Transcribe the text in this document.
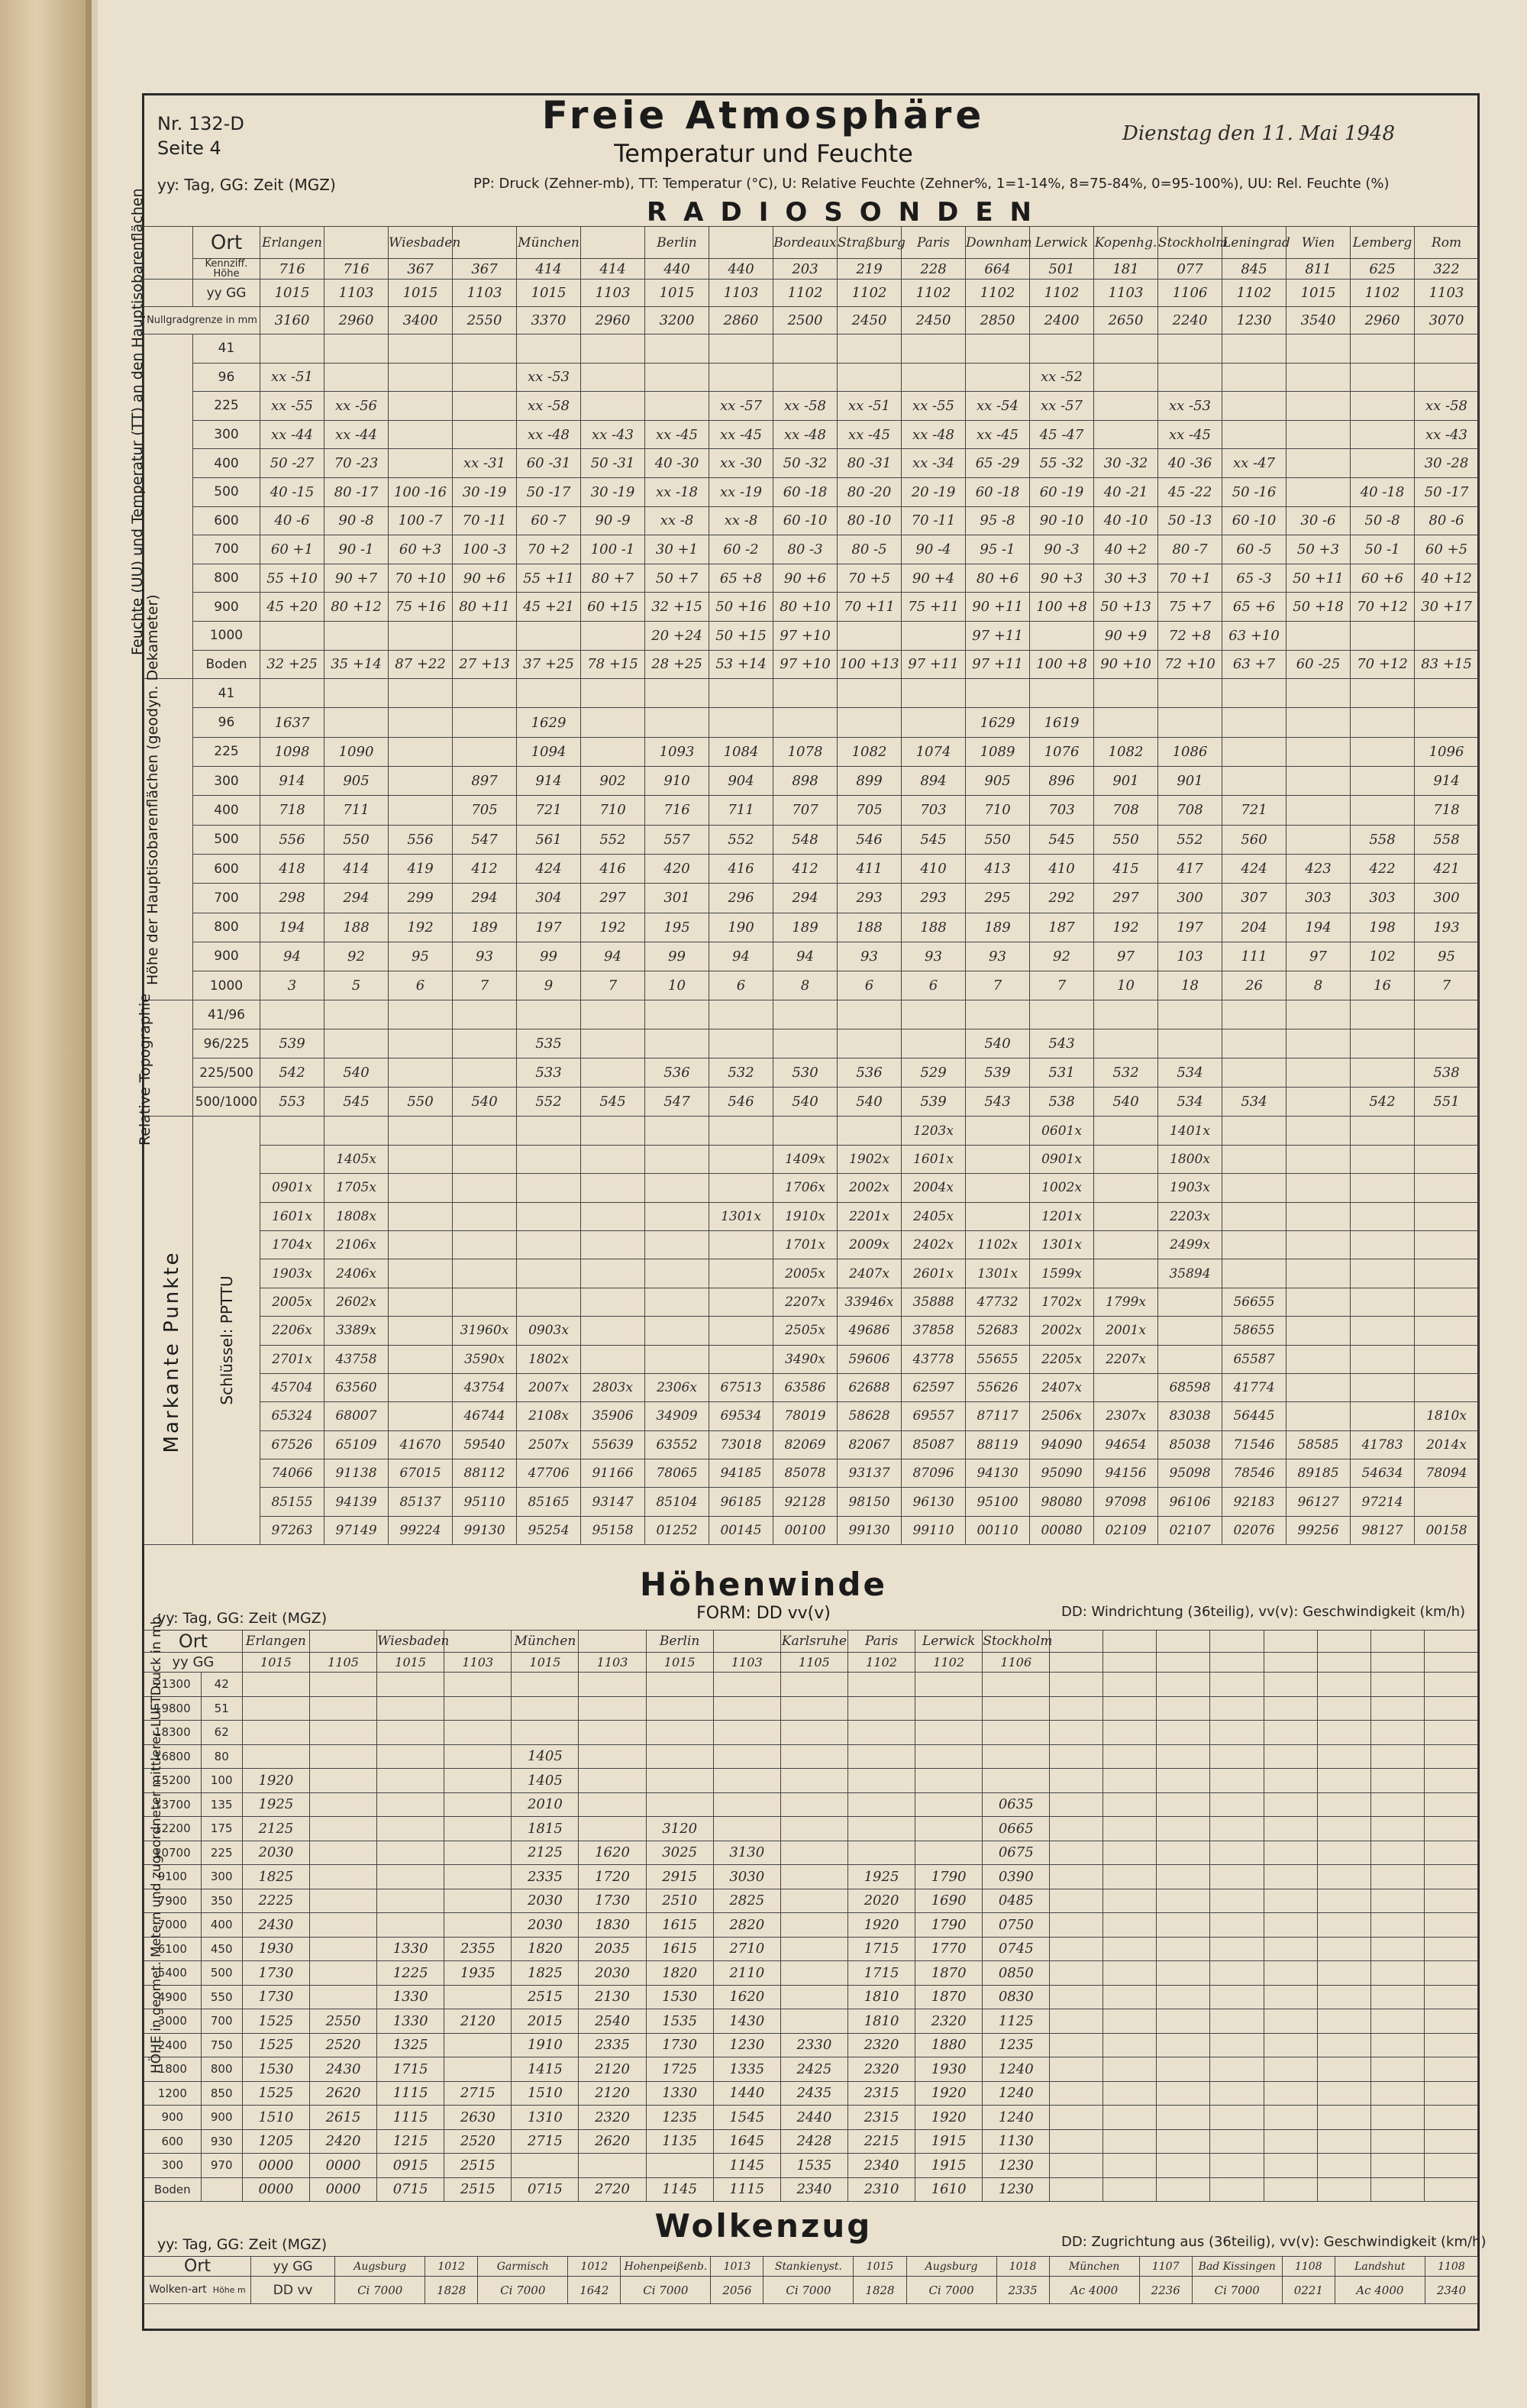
Nr. 132-D
Seite 4
yy: Tag, GG: Zeit (MGZ)
Freie Atmosphäre
Temperatur und Feuchte
Dienstag den 11. Mai 1948
PP: Druck (Zehner-mb), TT: Temperatur (°C), U: Relative Feuchte (Zehner%, 1=1-14%, 8=75-84%, 0=95-100%), UU: Rel. Feuchte (%)
RADIOSONDEN
	Ort	Erlangen		Wiesbaden		München		Berlin		Bordeaux	Straßburg	Paris	Downham	Lerwick	Kopenhg.	Stockholm	Leningrad	Wien	Lemberg	Rom
	Kennziff. Höhe	716	716	367	367	414	414	440	440	203	219	228	664	501	181	077	845	811	625	322
	yy GG	1015	1103	1015	1103	1015	1103	1015	1103	1102	1102	1102	1102	1102	1103	1106	1102	1015	1102	1103
Nullgradgrenze in mm		3160	2960	3400	2550	3370	2960	3200	2860	2500	2450	2450	2850	2400	2650	2240	1230	3540	2960	3070
	41																			
	96	xx -51				xx -53								xx -52						
	225	xx -55	xx -56			xx -58			xx -57	xx -58	xx -51	xx -55	xx -54	xx -57		xx -53				xx -58
	300	xx -44	xx -44			xx -48	xx -43	xx -45	xx -45	xx -48	xx -45	xx -48	xx -45	45 -47		xx -45				xx -43
	400	50 -27	70 -23		xx -31	60 -31	50 -31	40 -30	xx -30	50 -32	80 -31	xx -34	65 -29	55 -32	30 -32	40 -36	xx -47			30 -28
	500	40 -15	80 -17	100 -16	30 -19	50 -17	30 -19	xx -18	xx -19	60 -18	80 -20	20 -19	60 -18	60 -19	40 -21	45 -22	50 -16		40 -18	50 -17
	600	40 -6	90 -8	100 -7	70 -11	60 -7	90 -9	xx -8	xx -8	60 -10	80 -10	70 -11	95 -8	90 -10	40 -10	50 -13	60 -10	30 -6	50 -8	80 -6
	700	60 +1	90 -1	60 +3	100 -3	70 +2	100 -1	30 +1	60 -2	80 -3	80 -5	90 -4	95 -1	90 -3	40 +2	80 -7	60 -5	50 +3	50 -1	60 +5
	800	55 +10	90 +7	70 +10	90 +6	55 +11	80 +7	50 +7	65 +8	90 +6	70 +5	90 +4	80 +6	90 +3	30 +3	70 +1	65 -3	50 +11	60 +6	40 +12
	900	45 +20	80 +12	75 +16	80 +11	45 +21	60 +15	32 +15	50 +16	80 +10	70 +11	75 +11	90 +11	100 +8	50 +13	75 +7	65 +6	50 +18	70 +12	30 +17
	1000							20 +24	50 +15	97 +10			97 +11		90 +9	72 +8	63 +10			
	Boden	32 +25	35 +14	87 +22	27 +13	37 +25	78 +15	28 +25	53 +14	97 +10	100 +13	97 +11	97 +11	100 +8	90 +10	72 +10	63 +7	60 -25	70 +12	83 +15
	41																			
	96	1637				1629							1629	1619						
	225	1098	1090			1094		1093	1084	1078	1082	1074	1089	1076	1082	1086				1096
	300	914	905		897	914	902	910	904	898	899	894	905	896	901	901				914
	400	718	711		705	721	710	716	711	707	705	703	710	703	708	708	721			718
	500	556	550	556	547	561	552	557	552	548	546	545	550	545	550	552	560		558	558
	600	418	414	419	412	424	416	420	416	412	411	410	413	410	415	417	424	423	422	421
	700	298	294	299	294	304	297	301	296	294	293	293	295	292	297	300	307	303	303	300
	800	194	188	192	189	197	192	195	190	189	188	188	189	187	192	197	204	194	198	193
	900	94	92	95	93	99	94	99	94	94	93	93	93	92	97	103	111	97	102	95
	1000	3	5	6	7	9	7	10	6	8	6	6	7	7	10	18	26	8	16	7
	41/96																			
	96/225	539				535							540	543						
	225/500	542	540			533		536	532	530	536	529	539	531	532	534				538
	500/1000	553	545	550	540	552	545	547	546	540	540	539	543	538	540	534	534		542	551
												1203x		0601x		1401x				
			1405x							1409x	1902x	1601x		0901x		1800x				
		0901x	1705x							1706x	2002x	2004x		1002x		1903x				
		1601x	1808x						1301x	1910x	2201x	2405x		1201x		2203x				
		1704x	2106x							1701x	2009x	2402x	1102x	1301x		2499x				
		1903x	2406x							2005x	2407x	2601x	1301x	1599x		35894				
		2005x	2602x							2207x	33946x	35888	47732	1702x	1799x		56655			
		2206x	3389x		31960x	0903x				2505x	49686	37858	52683	2002x	2001x		58655			
		2701x	43758		3590x	1802x				3490x	59606	43778	55655	2205x	2207x		65587			
		45704	63560		43754	2007x	2803x	2306x	67513	63586	62688	62597	55626	2407x		68598	41774			
		65324	68007		46744	2108x	35906	34909	69534	78019	58628	69557	87117	2506x	2307x	83038	56445			1810x
		67526	65109	41670	59540	2507x	55639	63552	73018	82069	82067	85087	88119	94090	94654	85038	71546	58585	41783	2014x
		74066	91138	67015	88112	47706	91166	78065	94185	85078	93137	87096	94130	95090	94156	95098	78546	89185	54634	78094
		85155	94139	85137	95110	85165	93147	85104	96185	92128	98150	96130	95100	98080	97098	96106	92183	96127	97214	
		97263	97149	99224	99130	95254	95158	01252	00145	00100	99130	99110	00110	00080	02109	02107	02076	99256	98127	00158
Feuchte (UU) und Temperatur (TT) an den Hauptisobarenflächen
Höhe der Hauptisobarenflächen (geodyn. Dekameter)
Relative Topographie
Markante Punkte	Schlüssel: PPTTU
Höhenwinde
FORM: DD vv(v)
yy: Tag, GG: Zeit (MGZ)	DD: Windrichtung (36teilig), vv(v): Geschwindigkeit (km/h)
Ort		Erlangen		Wiesbaden		München		Berlin		Karlsruhe	Paris	Lerwick	Stockholm								
yy GG		1015	1105	1015	1103	1015	1103	1015	1103	1105	1102	1102	1106								
21300	42																				
19800	51																				
18300	62																				
16800	80					1405															
15200	100	1920				1405															
13700	135	1925				2010							0635								
12200	175	2125				1815		3120					0665								
10700	225	2030				2125	1620	3025	3130				0675								
9100	300	1825				2335	1720	2915	3030		1925	1790	0390								
7900	350	2225				2030	1730	2510	2825		2020	1690	0485								
7000	400	2430				2030	1830	1615	2820		1920	1790	0750								
6100	450	1930		1330	2355	1820	2035	1615	2710		1715	1770	0745								
5400	500	1730		1225	1935	1825	2030	1820	2110		1715	1870	0850								
4900	550	1730		1330		2515	2130	1530	1620		1810	1870	0830								
3000	700	1525	2550	1330	2120	2015	2540	1535	1430		1810	2320	1125								
2400	750	1525	2520	1325		1910	2335	1730	1230	2330	2320	1880	1235								
1800	800	1530	2430	1715		1415	2120	1725	1335	2425	2320	1930	1240								
1200	850	1525	2620	1115	2715	1510	2120	1330	1440	2435	2315	1920	1240								
900	900	1510	2615	1115	2630	1310	2320	1235	1545	2440	2315	1920	1240								
600	930	1205	2420	1215	2520	2715	2620	1135	1645	2428	2215	1915	1130								
300	970	0000	0000	0915	2515				1145	1535	2340	1915	1230								
Boden		0000	0000	0715	2515	0715	2720	1145	1115	2340	2310	1610	1230								
HÖHE in geomet. Metern und zugeordneter mittlerer LUFTDruck in mb.
yy: Tag, GG: Zeit (MGZ)	Wolkenzug	DD: Zugrichtung aus (36teilig), vv(v): Geschwindigkeit (km/h)
Ort	yy GG	Augsburg	1012	Garmisch	1012	Hohenpeißenb.	1013	Stankienyst.	1015	Augsburg	1018	München	1107	Bad Kissingen	1108	Landshut	1108
Wolken-art Höhe m	DD vv	Ci 7000	1828	Ci 7000	1642	Ci 7000	2056	Ci 7000	1828	Ci 7000	2335	Ac 4000	2236	Ci 7000	0221	Ac 4000	2340
